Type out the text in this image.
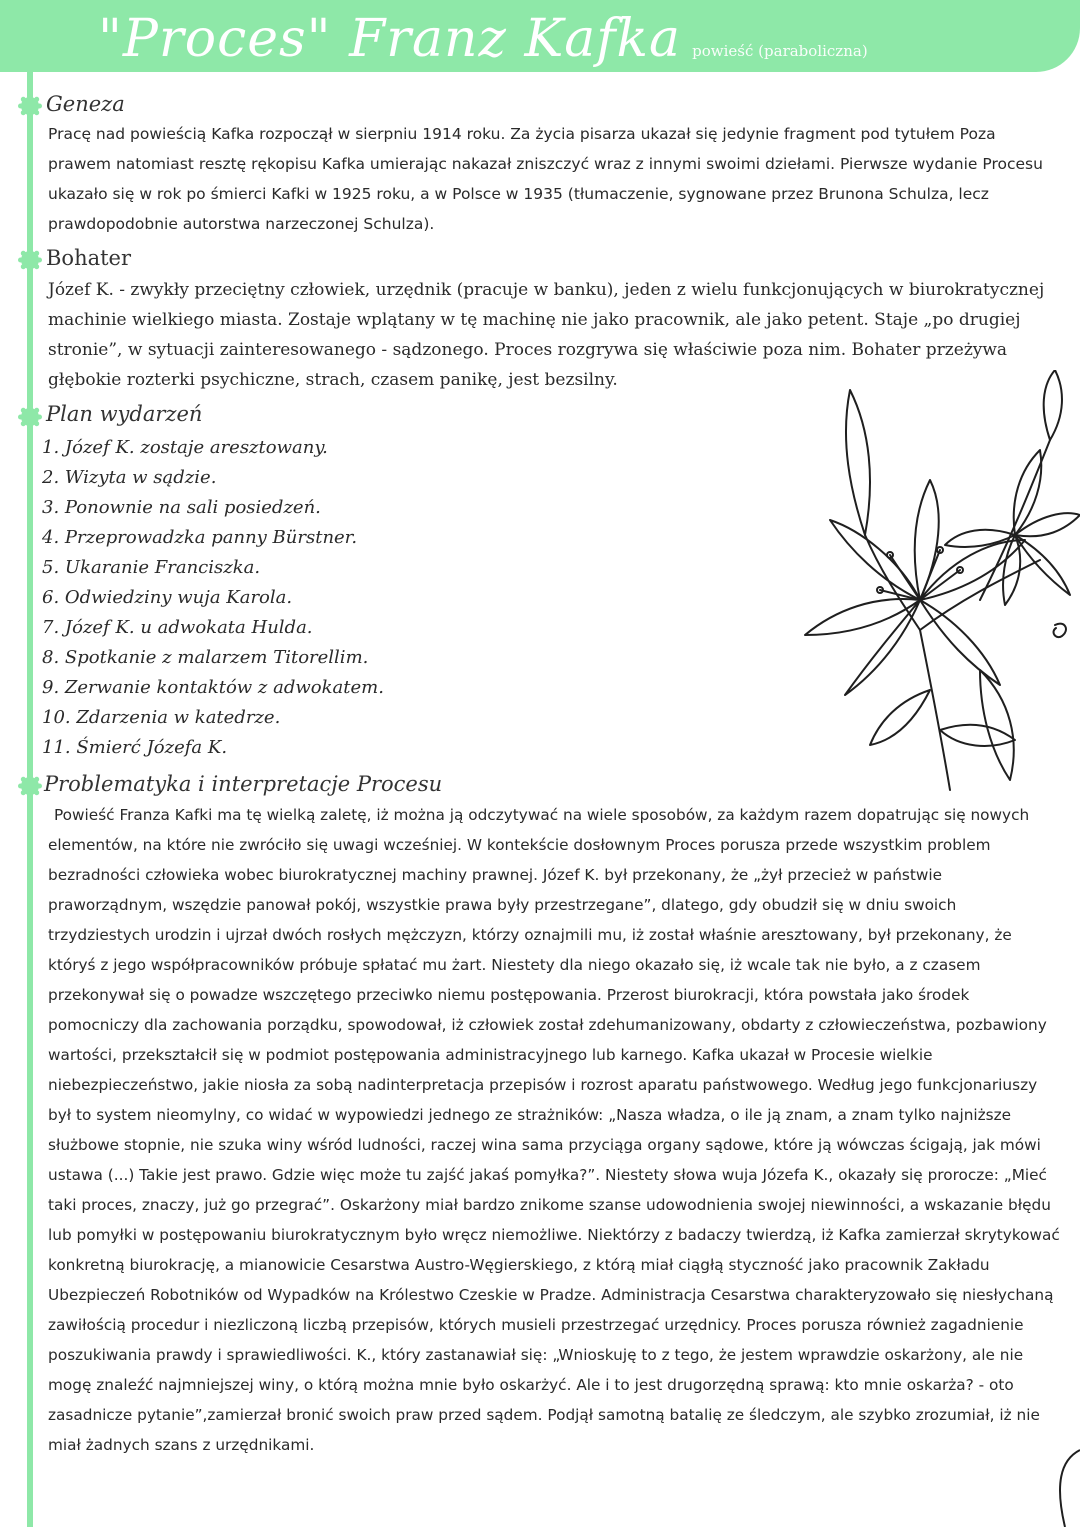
"Proces" Franz Kafka powieść (paraboliczna)
Geneza

Pracę nad powieścią Kafka rozpoczął w sierpniu 1914 roku. Za życia pisarza ukazał się jedynie fragment pod tytułem Poza prawem natomiast resztę rękopisu Kafka umierając nakazał zniszczyć wraz z innymi swoimi dziełami. Pierwsze wydanie Procesu ukazało się w rok po śmierci Kafki w 1925 roku, a w Polsce w 1935 (tłumaczenie, sygnowane przez Brunona Schulza, lecz prawdopodobnie autorstwa narzeczonej Schulza).

Bohater

Józef K. - zwykły przeciętny człowiek, urzędnik (pracuje w banku), jeden z wielu funkcjonujących w biurokratycznej machinie wielkiego miasta. Zostaje wplątany w tę machinę nie jako pracownik, ale jako petent. Staje „po drugiej stronie”, w sytuacji zainteresowanego - sądzonego. Proces rozgrywa się właściwie poza nim. Bohater przeżywa głębokie rozterki psychiczne, strach, czasem panikę, jest bezsilny.

Plan wydarzeń
1. Józef K. zostaje aresztowany.
2. Wizyta w sądzie.
3. Ponownie na sali posiedzeń.
4. Przeprowadzka panny Bürstner.
5. Ukaranie Franciszka.
6. Odwiedziny wuja Karola.
7. Józef K. u adwokata Hulda.
8. Spotkanie z malarzem Titorellim.
9. Zerwanie kontaktów z adwokatem.
10. Zdarzenia w katedrze.
11. Śmierć Józefa K.
Problematyka i interpretacje Procesu

Powieść Franza Kafki ma tę wielką zaletę, iż można ją odczytywać na wiele sposobów, za każdym razem dopatrując się nowych elementów, na które nie zwróciło się uwagi wcześniej. W kontekście dosłownym Proces porusza przede wszystkim problem bezradności człowieka wobec biurokratycznej machiny prawnej. Józef K. był przekonany, że „żył przecież w państwie praworządnym, wszędzie panował pokój, wszystkie prawa były przestrzegane”, dlatego, gdy obudził się w dniu swoich trzydziestych urodzin i ujrzał dwóch rosłych mężczyzn, którzy oznajmili mu, iż został właśnie aresztowany, był przekonany, że któryś z jego współpracowników próbuje spłatać mu żart. Niestety dla niego okazało się, iż wcale tak nie było, a z czasem przekonywał się o powadze wszczętego przeciwko niemu postępowania. Przerost biurokracji, która powstała jako środek pomocniczy dla zachowania porządku, spowodował, iż człowiek został zdehumanizowany, obdarty z człowieczeństwa, pozbawiony wartości, przekształcił się w podmiot postępowania administracyjnego lub karnego. Kafka ukazał w Procesie wielkie niebezpieczeństwo, jakie niosła za sobą nadinterpretacja przepisów i rozrost aparatu państwowego. Według jego funkcjonariuszy był to system nieomylny, co widać w wypowiedzi jednego ze strażników: „Nasza władza, o ile ją znam, a znam tylko najniższe służbowe stopnie, nie szuka winy wśród ludności, raczej wina sama przyciąga organy sądowe, które ją wówczas ścigają, jak mówi ustawa (...) Takie jest prawo. Gdzie więc może tu zajść jakaś pomyłka?”. Niestety słowa wuja Józefa K., okazały się prorocze: „Mieć taki proces, znaczy, już go przegrać”. Oskarżony miał bardzo znikome szanse udowodnienia swojej niewinności, a wskazanie błędu lub pomyłki w postępowaniu biurokratycznym było wręcz niemożliwe. Niektórzy z badaczy twierdzą, iż Kafka zamierzał skrytykować konkretną biurokrację, a mianowicie Cesarstwa Austro-Węgierskiego, z którą miał ciągłą styczność jako pracownik Zakładu Ubezpieczeń Robotników od Wypadków na Królestwo Czeskie w Pradze. Administracja Cesarstwa charakteryzowało się niesłychaną zawiłością procedur i niezliczoną liczbą przepisów, których musieli przestrzegać urzędnicy. Proces porusza również zagadnienie poszukiwania prawdy i sprawiedliwości. K., który zastanawiał się: „Wnioskuję to z tego, że jestem wprawdzie oskarżony, ale nie mogę znaleźć najmniejszej winy, o którą można mnie było oskarżyć. Ale i to jest drugorzędną sprawą: kto mnie oskarża? - oto zasadnicze pytanie”,zamierzał bronić swoich praw przed sądem. Podjął samotną batalię ze śledczym, ale szybko zrozumiał, iż nie miał żadnych szans z urzędnikami.
